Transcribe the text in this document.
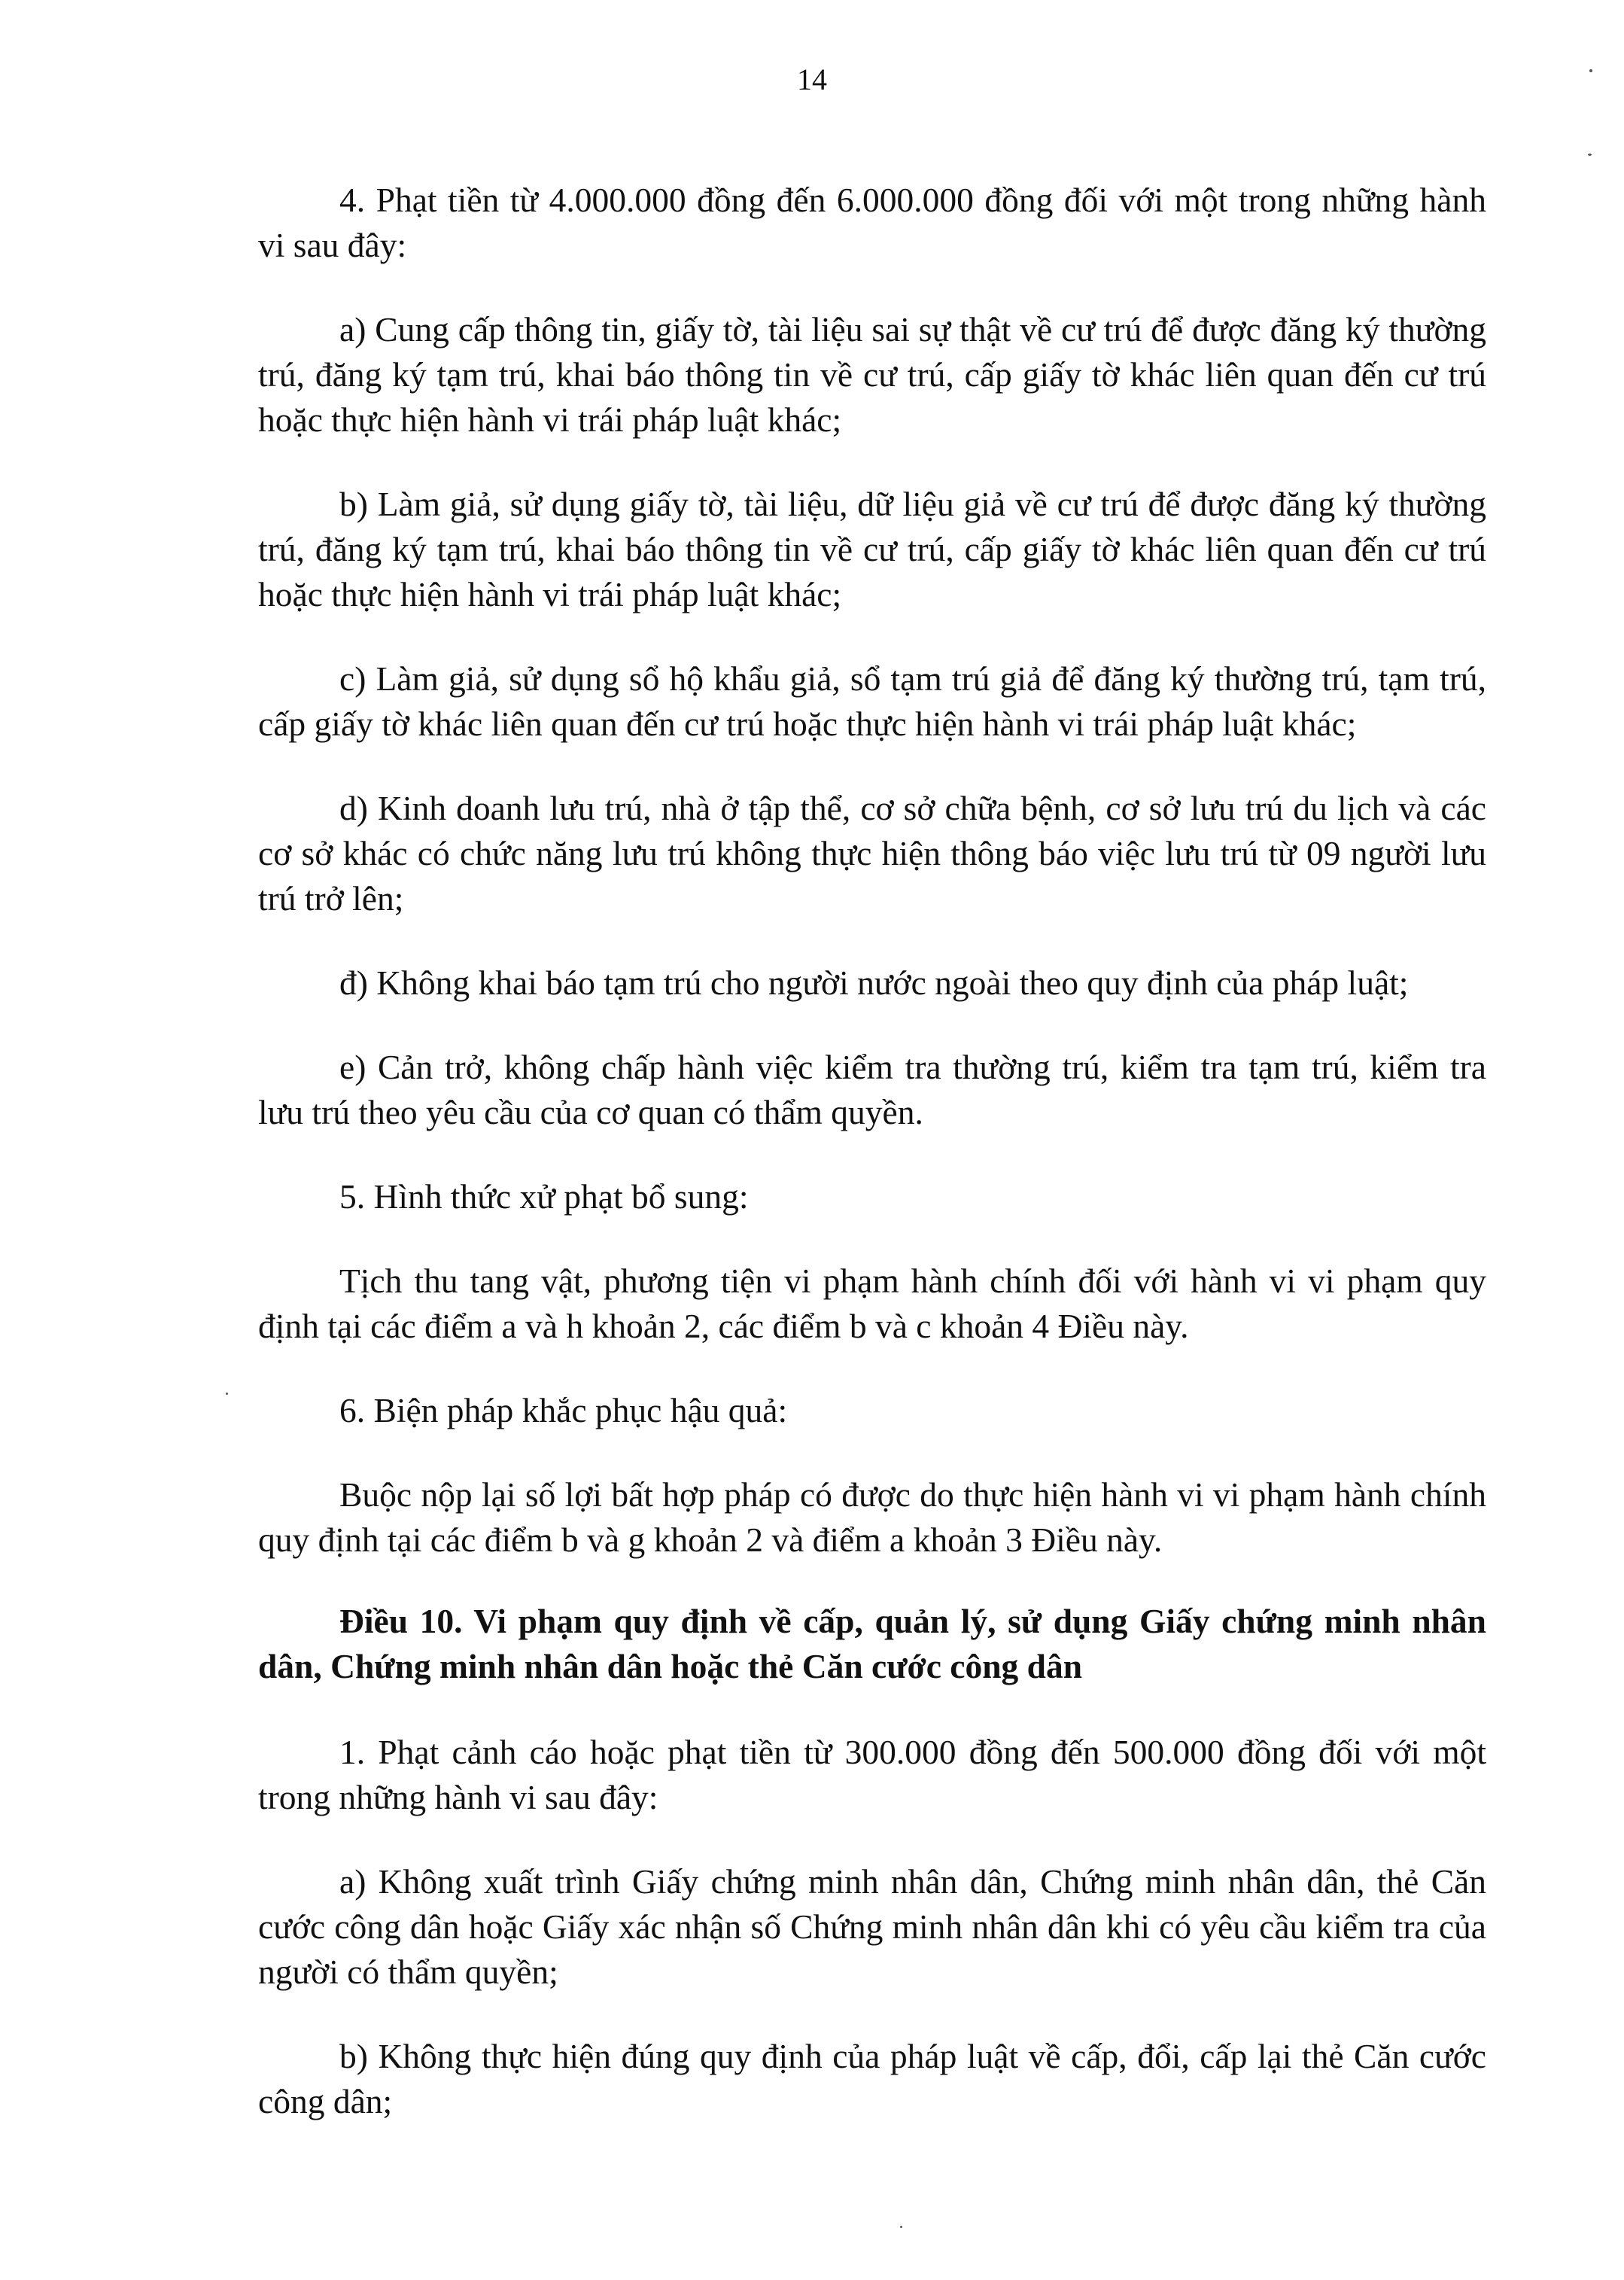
14

4. Phạt tiền từ 4.000.000 đồng đến 6.000.000 đồng đối với một trong những hành vi sau đây:

a) Cung cấp thông tin, giấy tờ, tài liệu sai sự thật về cư trú để được đăng ký thường trú, đăng ký tạm trú, khai báo thông tin về cư trú, cấp giấy tờ khác liên quan đến cư trú hoặc thực hiện hành vi trái pháp luật khác;

b) Làm giả, sử dụng giấy tờ, tài liệu, dữ liệu giả về cư trú để được đăng ký thường trú, đăng ký tạm trú, khai báo thông tin về cư trú, cấp giấy tờ khác liên quan đến cư trú hoặc thực hiện hành vi trái pháp luật khác;

c) Làm giả, sử dụng sổ hộ khẩu giả, sổ tạm trú giả để đăng ký thường trú, tạm trú, cấp giấy tờ khác liên quan đến cư trú hoặc thực hiện hành vi trái pháp luật khác;

d) Kinh doanh lưu trú, nhà ở tập thể, cơ sở chữa bệnh, cơ sở lưu trú du lịch và các cơ sở khác có chức năng lưu trú không thực hiện thông báo việc lưu trú từ 09 người lưu trú trở lên;

đ) Không khai báo tạm trú cho người nước ngoài theo quy định của pháp luật;

e) Cản trở, không chấp hành việc kiểm tra thường trú, kiểm tra tạm trú, kiểm tra lưu trú theo yêu cầu của cơ quan có thẩm quyền.

5. Hình thức xử phạt bổ sung:

Tịch thu tang vật, phương tiện vi phạm hành chính đối với hành vi vi phạm quy định tại các điểm a và h khoản 2, các điểm b và c khoản 4 Điều này.

6. Biện pháp khắc phục hậu quả:

Buộc nộp lại số lợi bất hợp pháp có được do thực hiện hành vi vi phạm hành chính quy định tại các điểm b và g khoản 2 và điểm a khoản 3 Điều này.

Điều 10. Vi phạm quy định về cấp, quản lý, sử dụng Giấy chứng minh nhân dân, Chứng minh nhân dân hoặc thẻ Căn cước công dân

1. Phạt cảnh cáo hoặc phạt tiền từ 300.000 đồng đến 500.000 đồng đối với một trong những hành vi sau đây:

a) Không xuất trình Giấy chứng minh nhân dân, Chứng minh nhân dân, thẻ Căn cước công dân hoặc Giấy xác nhận số Chứng minh nhân dân khi có yêu cầu kiểm tra của người có thẩm quyền;

b) Không thực hiện đúng quy định của pháp luật về cấp, đổi, cấp lại thẻ Căn cước công dân;
